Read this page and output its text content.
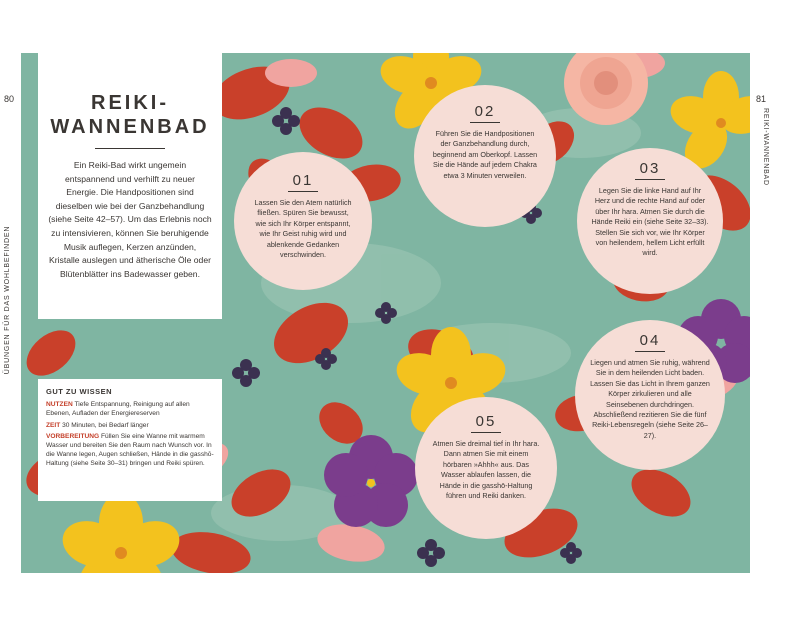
80	81
ÜBUNGEN FÜR DAS WOHLBEFINDEN
REIKI-WANNENBAD
REIKI-
WANNENBAD

Ein Reiki-Bad wirkt ungemein entspannend und verhilft zu neuer Energie. Die Handpositionen sind dieselben wie bei der Ganzbehandlung (siehe Seite 42–57). Um das Erlebnis noch zu intensivieren, können Sie beruhigende Musik auflegen, Kerzen anzünden, Kristalle auslegen und ätherische Öle oder Blütenblätter ins Badewasser geben.

GUT ZU WISSEN
NUTZEN Tiefe Entspannung, Reinigung auf allen Ebenen, Aufladen der Energiereserven
ZEIT 30 Minuten, bei Bedarf länger
VORBEREITUNG Füllen Sie eine Wanne mit warmem Wasser und bereiten Sie den Raum nach Wunsch vor. In die Wanne legen, Augen schließen, Hände in die gasshō-Haltung (siehe Seite 30–31) bringen und Reiki spüren.
01
Lassen Sie den Atem natürlich fließen. Spüren Sie bewusst, wie sich Ihr Körper entspannt, wie Ihr Geist ruhig wird und ablenkende Gedanken verschwinden.
02
Führen Sie die Handpositionen der Ganzbehandlung durch, beginnend am Oberkopf. Lassen Sie die Hände auf jedem Chakra etwa 3 Minuten verweilen.	03
Legen Sie die linke Hand auf Ihr Herz und die rechte Hand auf oder über Ihr hara. Atmen Sie durch die Hände Reiki ein (siehe Seite 32–33). Stellen Sie sich vor, wie Ihr Körper von heilendem, hellem Licht erfüllt wird.
04
Liegen und atmen Sie ruhig, während Sie in dem heilenden Licht baden. Lassen Sie das Licht in Ihrem ganzen Körper zirkulieren und alle Seinsebenen durchdringen. Abschließend rezitieren Sie die fünf Reiki-Lebensregeln (siehe Seite 26–27).
05
Atmen Sie dreimal tief in Ihr hara. Dann atmen Sie mit einem hörbaren »Ahhh« aus. Das Wasser ablaufen lassen, die Hände in die gasshō-Haltung führen und Reiki danken.
